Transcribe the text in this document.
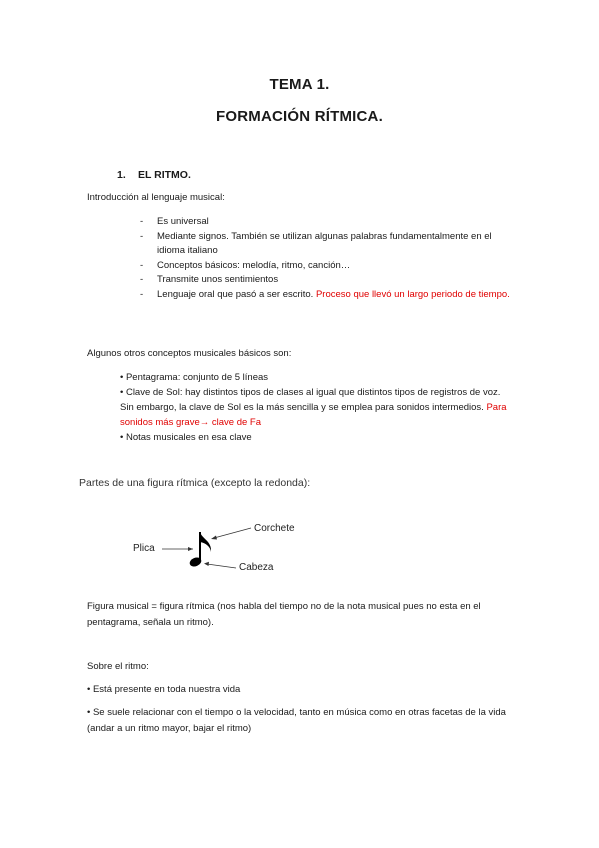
TEMA 1.
FORMACIÓN RÍTMICA.
1. EL RITMO.
Introducción al lenguaje musical:
- Es universal
- Mediante signos. También se utilizan algunas palabras fundamentalmente en el idioma italiano
- Conceptos básicos: melodía, ritmo, canción…
- Transmite unos sentimientos
- Lenguaje oral que pasó a ser escrito. Proceso que llevó un largo periodo de tiempo.
Algunos otros conceptos musicales básicos son:
• Pentagrama: conjunto de 5 líneas
• Clave de Sol: hay distintos tipos de clases al igual que distintos tipos de registros de voz. Sin embargo, la clave de Sol es la más sencilla y se emplea para sonidos intermedios. Para sonidos más grave→ clave de Fa
• Notas musicales en esa clave
Partes de una figura rítmica (excepto la redonda):
Plica
Corchete
Cabeza
Figura musical = figura rítmica (nos habla del tiempo no de la nota musical pues no esta en el pentagrama, señala un ritmo).
Sobre el ritmo:
• Está presente en toda nuestra vida
• Se suele relacionar con el tiempo o la velocidad, tanto en música como en otras facetas de la vida (andar a un ritmo mayor, bajar el ritmo)
